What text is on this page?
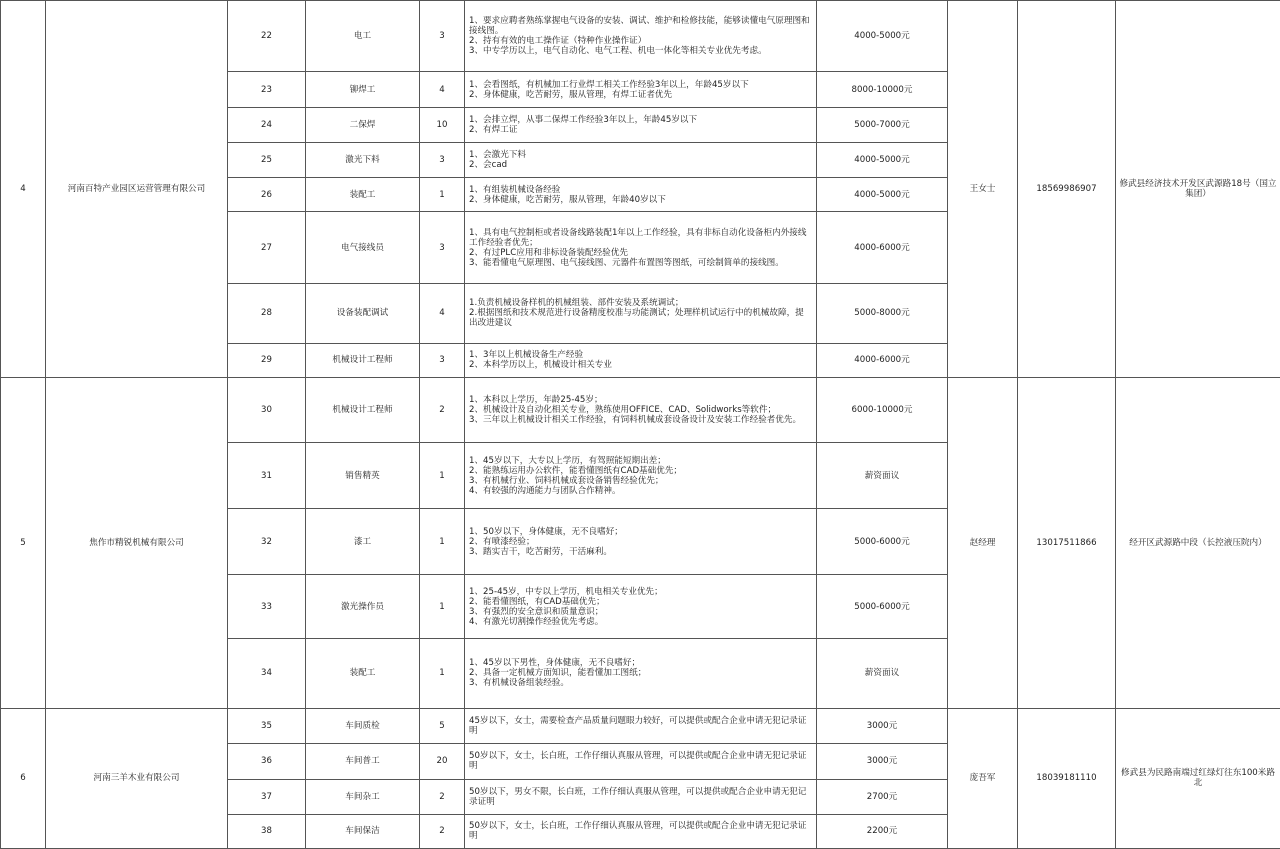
4	河南百特产业园区运营管理有限公司	22	电工	3	1、要求应聘者熟练掌握电气设备的安装、调试、维护和检修技能，能够读懂电气原理图和接线图。
2、持有有效的电工操作证（特种作业操作证）
3、中专学历以上，电气自动化、电气工程、机电一体化等相关专业优先考虑。	4000-5000元	王女士	18569986907	修武县经济技术开发区武源路18号（国立集团）
		23	铆焊工	4	1、会看图纸，有机械加工行业焊工相关工作经验3年以上，年龄45岁以下
2、身体健康，吃苦耐劳，服从管理，有焊工证者优先	8000-10000元			
		24	二保焊	10	1、会排立焊，从事二保焊工作经验3年以上，年龄45岁以下
2、有焊工证	5000-7000元			
		25	激光下料	3	1、会激光下料
2、会cad	4000-5000元			
		26	装配工	1	1、有组装机械设备经验
2、身体健康，吃苦耐劳，服从管理，年龄40岁以下	4000-5000元			
		27	电气接线员	3	1、具有电气控制柜或者设备线路装配1年以上工作经验，具有非标自动化设备柜内外接线工作经验者优先；
2、有过PLC应用和非标设备装配经验优先
3、能看懂电气原理图、电气接线图、元器件布置图等图纸，可绘制简单的接线图。	4000-6000元			
		28	设备装配调试	4	1.负责机械设备样机的机械组装、部件安装及系统调试；
2.根据图纸和技术规范进行设备精度校准与功能测试；处理样机试运行中的机械故障，提出改进建议	5000-8000元			
		29	机械设计工程师	3	1、3年以上机械设备生产经验
2、本科学历以上，机械设计相关专业	4000-6000元			
5	焦作市精锐机械有限公司	30	机械设计工程师	2	1、本科以上学历，年龄25-45岁；
2、机械设计及自动化相关专业，熟练使用OFFICE、CAD、Solidworks等软件；
3、三年以上机械设计相关工作经验，有饲料机械成套设备设计及安装工作经验者优先。	6000-10000元	赵经理	13017511866	经开区武源路中段（长控液压院内）
		31	销售精英	1	1、45岁以下，大专以上学历，有驾照能短期出差；
2、能熟练运用办公软件，能看懂图纸有CAD基础优先；
3、有机械行业、饲料机械成套设备销售经验优先；
4、有较强的沟通能力与团队合作精神。	薪资面议			
		32	漆工	1	1、50岁以下，身体健康，无不良嗜好；
2、有喷漆经验；
3、踏实吉干，吃苦耐劳，干活麻利。	5000-6000元			
		33	激光操作员	1	1、25-45岁，中专以上学历，机电相关专业优先；
2、能看懂图纸，有CAD基础优先；
3、有强烈的安全意识和质量意识；
4、有激光切割操作经验优先考虑。	5000-6000元			
		34	装配工	1	1、45岁以下男性，身体健康，无不良嗜好；
2、具备一定机械方面知识，能看懂加工图纸；
3、有机械设备组装经验。	薪资面议			
6	河南三羊木业有限公司	35	车间质检	5	45岁以下，女士，需要检查产品质量问题眼力较好，可以提供或配合企业申请无犯记录证明	3000元	庞吾军	18039181110	修武县为民路南端过红绿灯往东100米路北
		36	车间普工	20	50岁以下，女士，长白班，工作仔细认真服从管理，可以提供或配合企业申请无犯记录证明	3000元			
		37	车间杂工	2	50岁以下，男女不限，长白班，工作仔细认真服从管理，可以提供或配合企业申请无犯记录证明	2700元			
		38	车间保洁	2	50岁以下，女士，长白班，工作仔细认真服从管理，可以提供或配合企业申请无犯记录证明	2200元			
